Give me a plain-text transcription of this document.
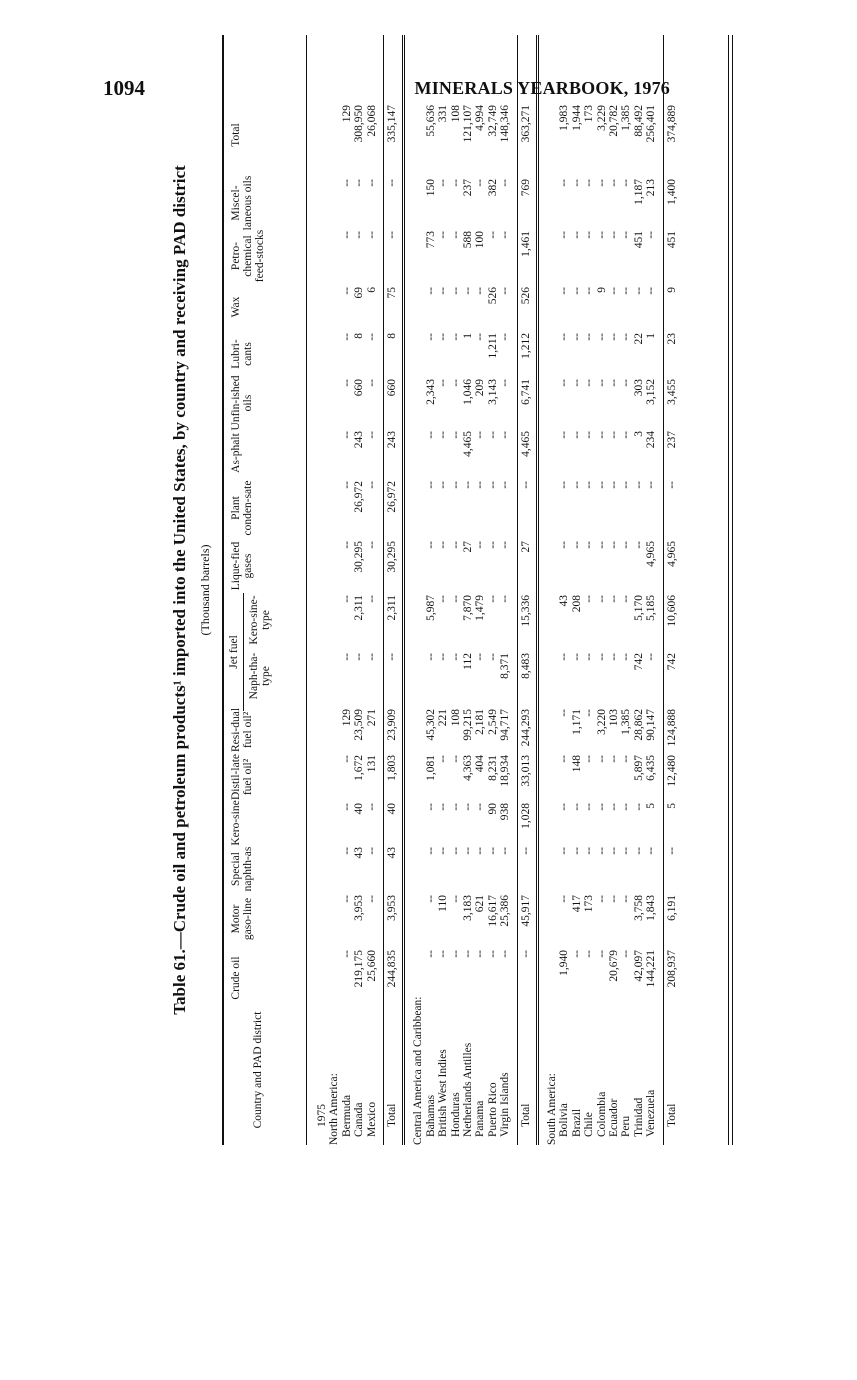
1094	MINERALS YEARBOOK, 1976
Table 61.—Crude oil and petroleum products¹ imported into the United States, by country and receiving PAD district (Thousand barrels)
Country and PAD district
Jet fuel
Crude oil
Motor gaso-line
Special naphth-as
Kero-sine
Distil-late fuel oil²
Resi-dual fuel oil²
Naph-tha-type
Kero-sine-type
Lique-fied gases
Plant conden-sate
As-phalt
Unfin-ished oils
Lubri-cants
Wax
Petro-chemical feed-stocks
Miscel-laneous oils
Total
1975 North America: Bermuda
--
--
--
--
--
129
--
--
--
--
--
--
--
--
--
--
129
Canada
219,175
3,953
43
40
1,672
23,509
--
2,311
30,295
26,972
243
660
8
69
--
--
308,950
Mexico
25,660
--
--
--
131
271
--
--
--
--
--
--
--
6
--
--
26,068
Total
244,835
3,953
43
40
1,803
23,909
--
2,311
30,295
26,972
243
660
8
75
--
--
335,147
Central America and Caribbean: Bahamas
--
--
--
--
1,081
45,302
--
5,987
--
--
--
2,343
--
--
773
150
55,636
British West Indies
--
110
--
--
--
221
--
--
--
--
--
--
--
--
--
--
331
Honduras
--
--
--
--
--
108
--
--
--
--
--
--
--
--
--
--
108
Netherlands Antilles
--
3,183
--
--
4,363
99,215
112
7,870
27
--
4,465
1,046
1
--
588
237
121,107
Panama
--
621
--
--
404
2,181
--
1,479
--
--
--
209
--
--
100
--
4,994
Puerto Rico
--
16,617
--
90
8,231
2,549
--
--
--
--
--
3,143
1,211
526
--
382
32,749
Virgin Islands
--
25,386
--
938
18,934
94,717
8,371
--
--
--
--
--
--
--
--
--
148,346
Total
--
45,917
--
1,028
33,013
244,293
8,483
15,336
27
--
4,465
6,741
1,212
526
1,461
769
363,271
South America: Bolivia
1,940
--
--
--
--
--
--
43
--
--
--
--
--
--
--
--
1,983
Brazil
--
417
--
--
148
1,171
--
208
--
--
--
--
--
--
--
--
1,944
Chile
--
173
--
--
--
--
--
--
--
--
--
--
--
--
--
--
173
Colombia
--
--
--
--
--
3,220
--
--
--
--
--
--
--
9
--
--
3,229
Ecuador
20,679
--
--
--
--
103
--
--
--
--
--
--
--
--
--
--
20,782
Peru
--
--
--
--
--
1,385
--
--
--
--
--
--
--
--
--
--
1,385
Trinidad
42,097
3,758
--
--
5,897
28,862
742
5,170
--
--
3
303
22
--
451
1,187
88,492
Venezuela
144,221
1,843
--
5
6,435
90,147
--
5,185
4,965
--
234
3,152
1
--
--
213
256,401
Total
208,937
6,191
--
5
12,480
124,888
742
10,606
4,965
--
237
3,455
23
9
451
1,400
374,889
